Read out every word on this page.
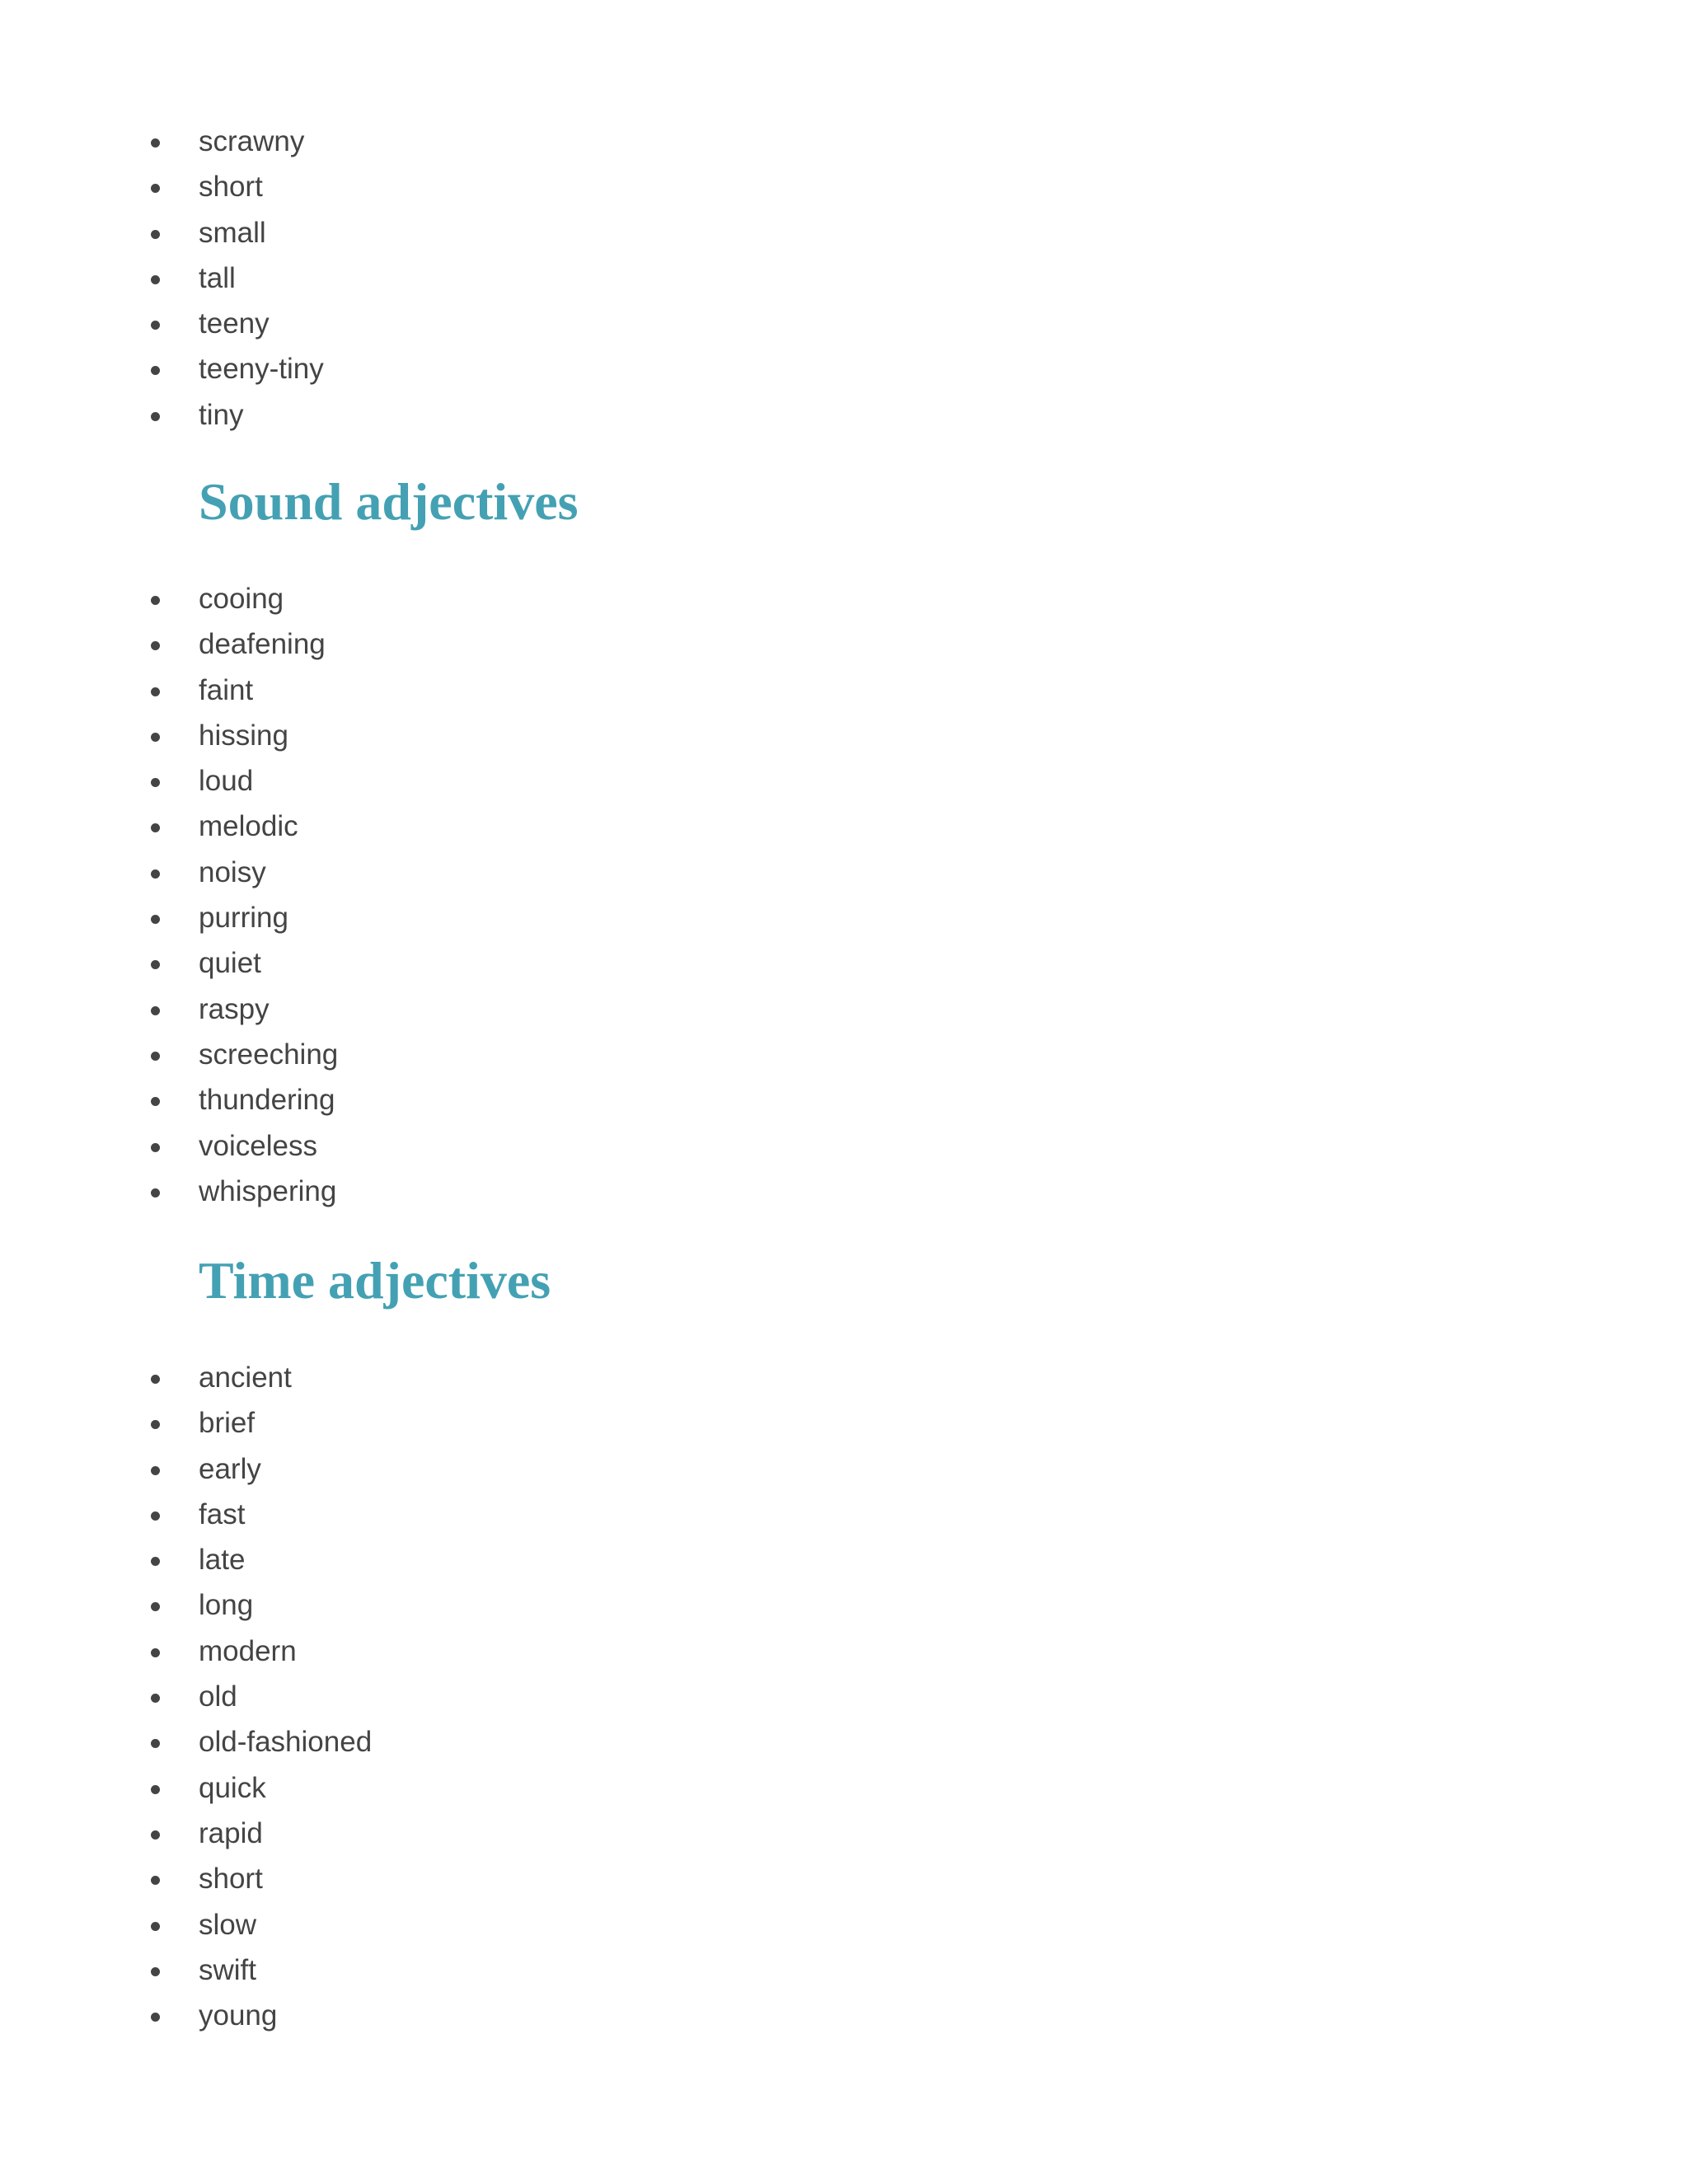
scrawny
short
small
tall
teeny
teeny-tiny
tiny
Sound adjectives
cooing
deafening
faint
hissing
loud
melodic
noisy
purring
quiet
raspy
screeching
thundering
voiceless
whispering
Time adjectives
ancient
brief
early
fast
late
long
modern
old
old-fashioned
quick
rapid
short
slow
swift
young
